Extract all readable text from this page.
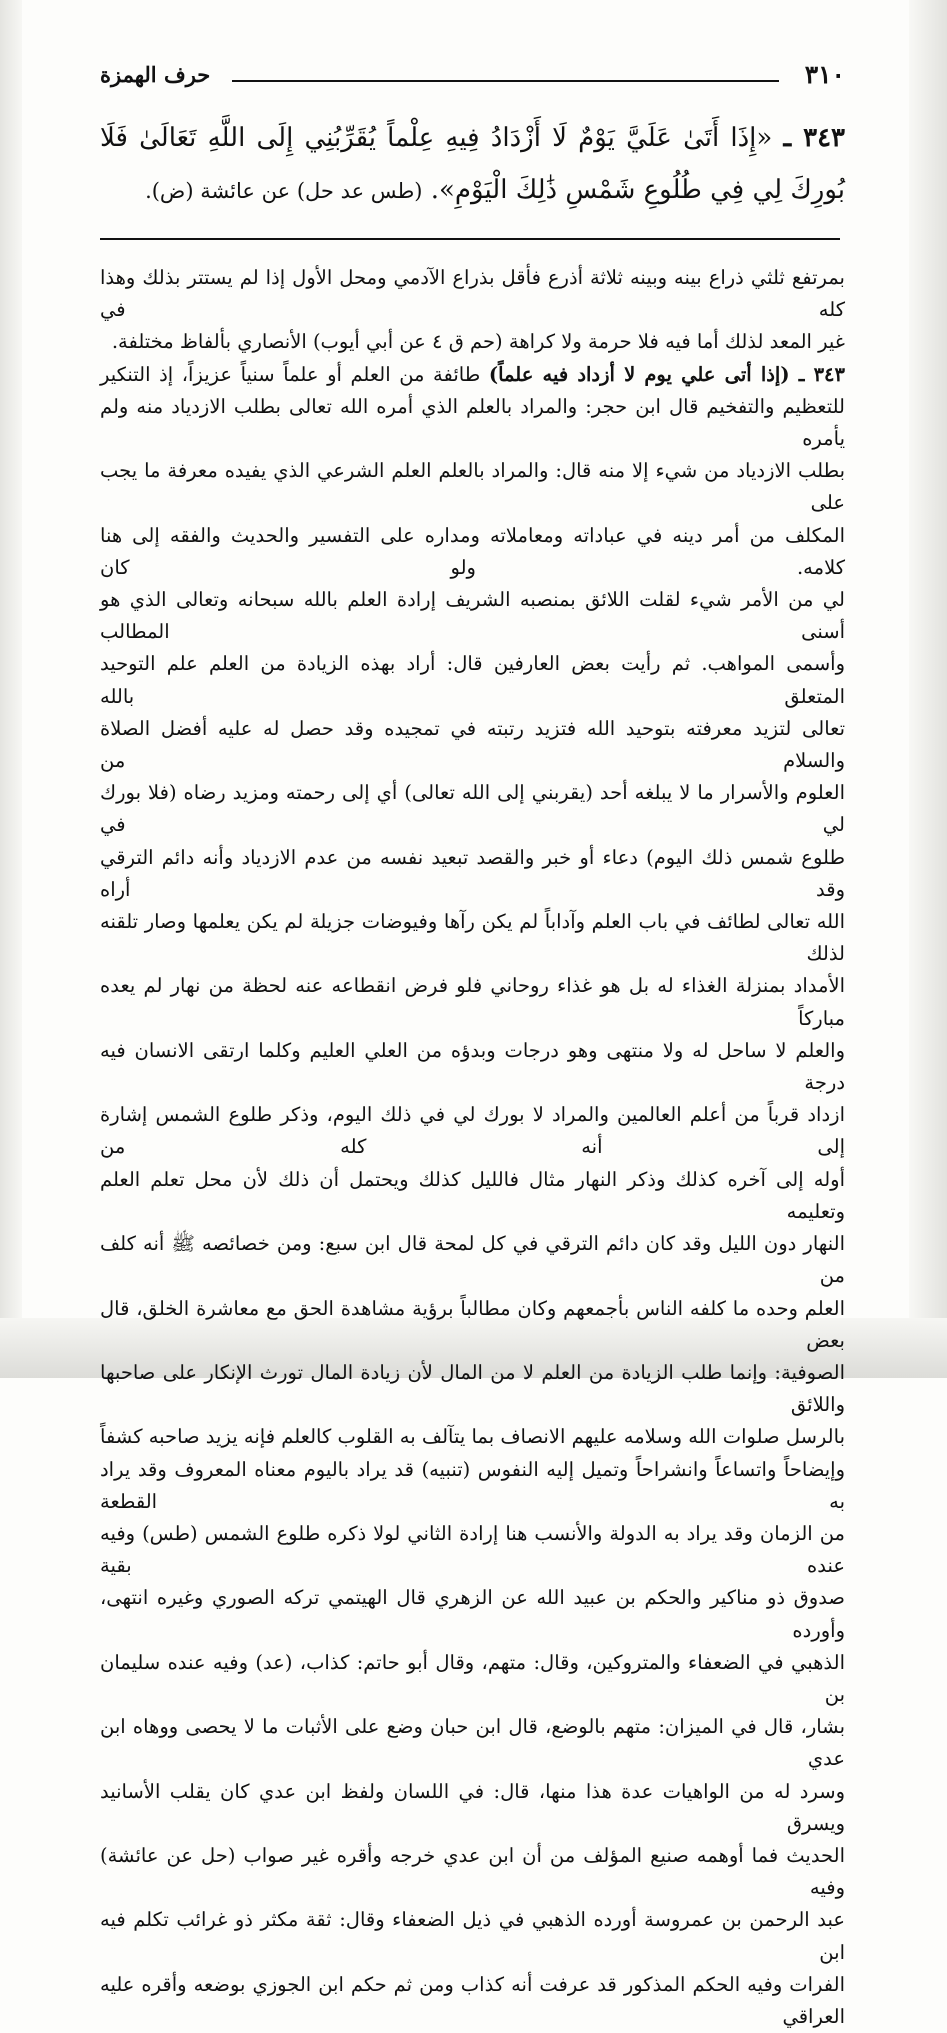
٣١٠
حرف الهمزة
٣٤٣ ـ «إِذَا أَتَىٰ عَلَيَّ يَوْمٌ لَا أَزْدَادُ فِيهِ عِلْماً يُقَرِّبُنِي إِلَى اللَّهِ تَعَالَىٰ فَلَا بُورِكَ لِي فِي طُلُوعِ شَمْسِ ذَٰلِكَ الْيَوْمِ». (طس عد حل) عن عائشة (ض).

بمرتفع ثلثي ذراع بينه وبينه ثلاثة أذرع فأقل بذراع الآدمي ومحل الأول إذا لم يستتر بذلك وهذا كله في

غير المعد لذلك أما فيه فلا حرمة ولا كراهة (حم ق ٤ عن أبي أيوب) الأنصاري بألفاظ مختلفة.

٣٤٣ ـ (إذا أتى علي يوم لا أزداد فيه علماً) طائفة من العلم أو علماً سنياً عزيزاً، إذ التنكير

للتعظيم والتفخيم قال ابن حجر: والمراد بالعلم الذي أمره الله تعالى بطلب الازدياد منه ولم يأمره

بطلب الازدياد من شيء إلا منه قال: والمراد بالعلم العلم الشرعي الذي يفيده معرفة ما يجب على

المكلف من أمر دينه في عباداته ومعاملاته ومداره على التفسير والحديث والفقه إلى هنا كلامه. ولو كان

لي من الأمر شيء لقلت اللائق بمنصبه الشريف إرادة العلم بالله سبحانه وتعالى الذي هو أسنى المطالب

وأسمى المواهب. ثم رأيت بعض العارفين قال: أراد بهذه الزيادة من العلم علم التوحيد المتعلق بالله

تعالى لتزيد معرفته بتوحيد الله فتزيد رتبته في تمجيده وقد حصل له عليه أفضل الصلاة والسلام من

العلوم والأسرار ما لا يبلغه أحد (يقربني إلى الله تعالى) أي إلى رحمته ومزيد رضاه (فلا بورك لي في

طلوع شمس ذلك اليوم) دعاء أو خبر والقصد تبعيد نفسه من عدم الازدياد وأنه دائم الترقي وقد أراه

الله تعالى لطائف في باب العلم وآداباً لم يكن رآها وفيوضات جزيلة لم يكن يعلمها وصار تلقنه لذلك

الأمداد بمنزلة الغذاء له بل هو غذاء روحاني فلو فرض انقطاعه عنه لحظة من نهار لم يعده مباركاً

والعلم لا ساحل له ولا منتهى وهو درجات وبدؤه من العلي العليم وكلما ارتقى الانسان فيه درجة

ازداد قرباً من أعلم العالمين والمراد لا بورك لي في ذلك اليوم، وذكر طلوع الشمس إشارة إلى أنه كله من

أوله إلى آخره كذلك وذكر النهار مثال فالليل كذلك ويحتمل أن ذلك لأن محل تعلم العلم وتعليمه

النهار دون الليل وقد كان دائم الترقي في كل لمحة قال ابن سبع: ومن خصائصه ﷺ أنه كلف من

العلم وحده ما كلفه الناس بأجمعهم وكان مطالباً برؤية مشاهدة الحق مع معاشرة الخلق، قال بعض

الصوفية: وإنما طلب الزيادة من العلم لا من المال لأن زيادة المال تورث الإنكار على صاحبها واللائق

بالرسل صلوات الله وسلامه عليهم الانصاف بما يتآلف به القلوب كالعلم فإنه يزيد صاحبه كشفاً

وإيضاحاً واتساعاً وانشراحاً وتميل إليه النفوس (تنبيه) قد يراد باليوم معناه المعروف وقد يراد به القطعة

من الزمان وقد يراد به الدولة والأنسب هنا إرادة الثاني لولا ذكره طلوع الشمس (طس) وفيه عنده بقية

صدوق ذو مناكير والحكم بن عبيد الله عن الزهري قال الهيتمي تركه الصوري وغيره انتهى، وأورده

الذهبي في الضعفاء والمتروكين، وقال: متهم، وقال أبو حاتم: كذاب، (عد) وفيه عنده سليمان بن

بشار، قال في الميزان: متهم بالوضع، قال ابن حبان وضع على الأثبات ما لا يحصى ووهاه ابن عدي

وسرد له من الواهيات عدة هذا منها، قال: في اللسان ولفظ ابن عدي كان يقلب الأسانيد ويسرق

الحديث فما أوهمه صنيع المؤلف من أن ابن عدي خرجه وأقره غير صواب (حل عن عائشة) وفيه

عبد الرحمن بن عمروسة أورده الذهبي في ذيل الضعفاء وقال: ثقة مكثر ذو غرائب تكلم فيه ابن

الفرات وفيه الحكم المذكور قد عرفت أنه كذاب ومن ثم حكم ابن الجوزي بوضعه وأقره عليه العراقي
